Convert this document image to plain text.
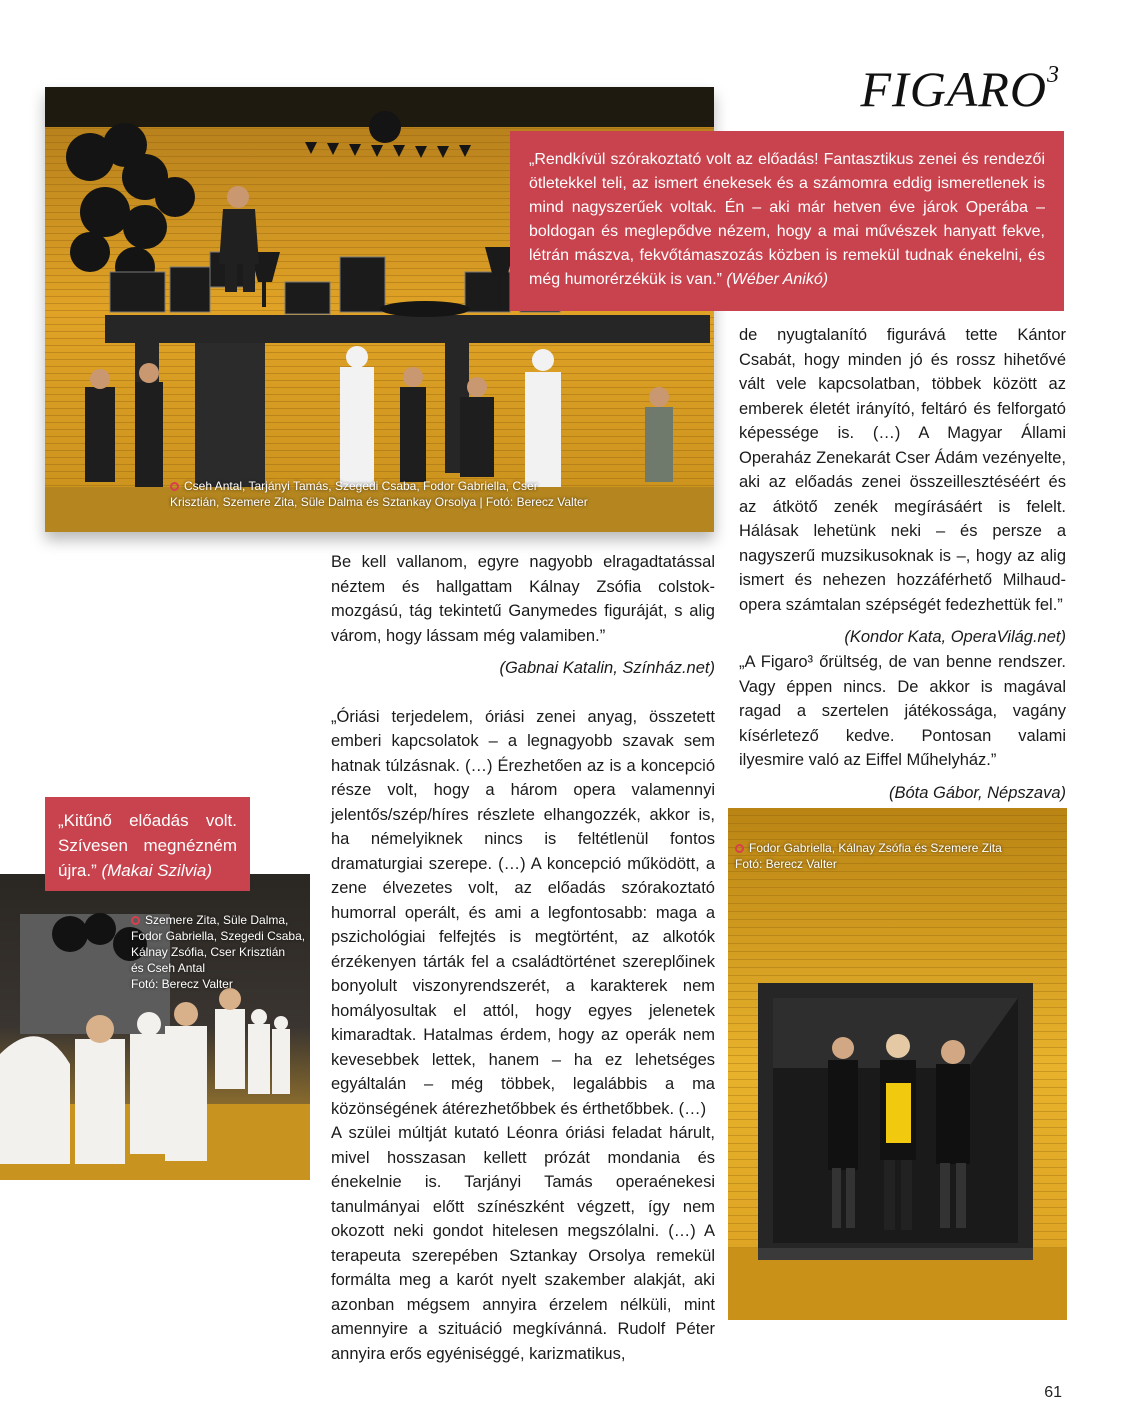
FIGARO$^3$
Cseh Antal, Tarjányi Tamás, Szegedi Csaba, Fodor Gabriella, Cser Krisztián, Szemere Zita, Süle Dalma és Sztankay Orsolya | Fotó: Berecz Valter
„Rendkívül szórakoztató volt az előadás! Fantasztikus zenei és rendezői ötletekkel teli, az ismert énekesek és a számomra eddig ismeretlenek is mind nagyszerűek voltak. Én – aki már hetven éve járok Operába – boldogan és meglepődve nézem, hogy a mai művészek hanyatt fekve, létrán mászva, fekvőtámaszozás közben is remekül tudnak énekelni, és még humorérzékük is van.” (Wéber Anikó)
Szemere Zita, Süle Dalma,
Fodor Gabriella, Szegedi Csaba,
Kálnay Zsófia, Cser Krisztián
és Cseh Antal
Fotó: Berecz Valter
„Kitűnő előadás volt. Szívesen megnézném újra.” (Makai Szilvia)
Fodor Gabriella, Kálnay Zsófia és Szemere Zita
Fotó: Berecz Valter

Be kell vallanom, egyre nagyobb elragadtatással néztem és hallgattam Kálnay Zsófia colstok-mozgású, tág tekintetű Ganymedes figuráját, s alig várom, hogy lássam még valamiben.”

(Gabnai Katalin, Színház.net)

„Óriási terjedelem, óriási zenei anyag, összetett emberi kapcsolatok – a legnagyobb szavak sem hatnak túlzásnak. (…) Érezhetően az is a koncepció része volt, hogy a három opera valamennyi jelentős/szép/híres részlete elhangozzék, akkor is, ha némelyiknek nincs is feltétlenül fontos dramaturgiai szerepe. (…) A koncepció működött, a zene élvezetes volt, az előadás szórakoztató humorral operált, és ami a legfontosabb: maga a pszichológiai felfejtés is megtörtént, az alkotók érzékenyen tárták fel a családtörténet szereplőinek bonyolult viszonyrendszerét, a karakterek nem homályosultak el attól, hogy egyes jelenetek kimaradtak. Hatalmas érdem, hogy az operák nem kevesebbek lettek, hanem – ha ez lehetséges egyáltalán – még többek, legalábbis a ma közönségének átérezhetőbbek és érthetőbbek. (…)

A szülei múltját kutató Léonra óriási feladat hárult, mivel hosszasan kellett prózát mondania és énekelnie is. Tarjányi Tamás operaénekesi tanulmányai előtt színészként végzett, így nem okozott neki gondot hitelesen megszólalni. (…) A terapeuta szerepében Sztankay Orsolya remekül formálta meg a karót nyelt szakember alakját, aki azonban mégsem annyira érzelem nélküli, mint amennyire a szituáció megkívánná. Rudolf Péter annyira erős egyéniséggé, karizmatikus,

de nyugtalanító figurává tette Kántor Csabát, hogy minden jó és rossz hihetővé vált vele kapcsolatban, többek között az emberek életét irányító, feltáró és felforgató képessége is. (…) A Magyar Állami Operaház Zenekarát Cser Ádám vezényelte, aki az előadás zenei összeillesztéséért és az átkötő zenék megírásáért is felelt. Hálásak lehetünk neki – és persze a nagyszerű muzsikusoknak is –, hogy az alig ismert és nehezen hozzáférhető Milhaud-opera számtalan szépségét fedezhettük fel.”

(Kondor Kata, OperaVilág.net)

„A Figaro³ őrültség, de van benne rendszer. Vagy éppen nincs. De akkor is magával ragad a szertelen játékossága, vagány kísérletező kedve. Pontosan valami ilyesmire való az Eiffel Műhelyház.”

(Bóta Gábor, Népszava)

61
